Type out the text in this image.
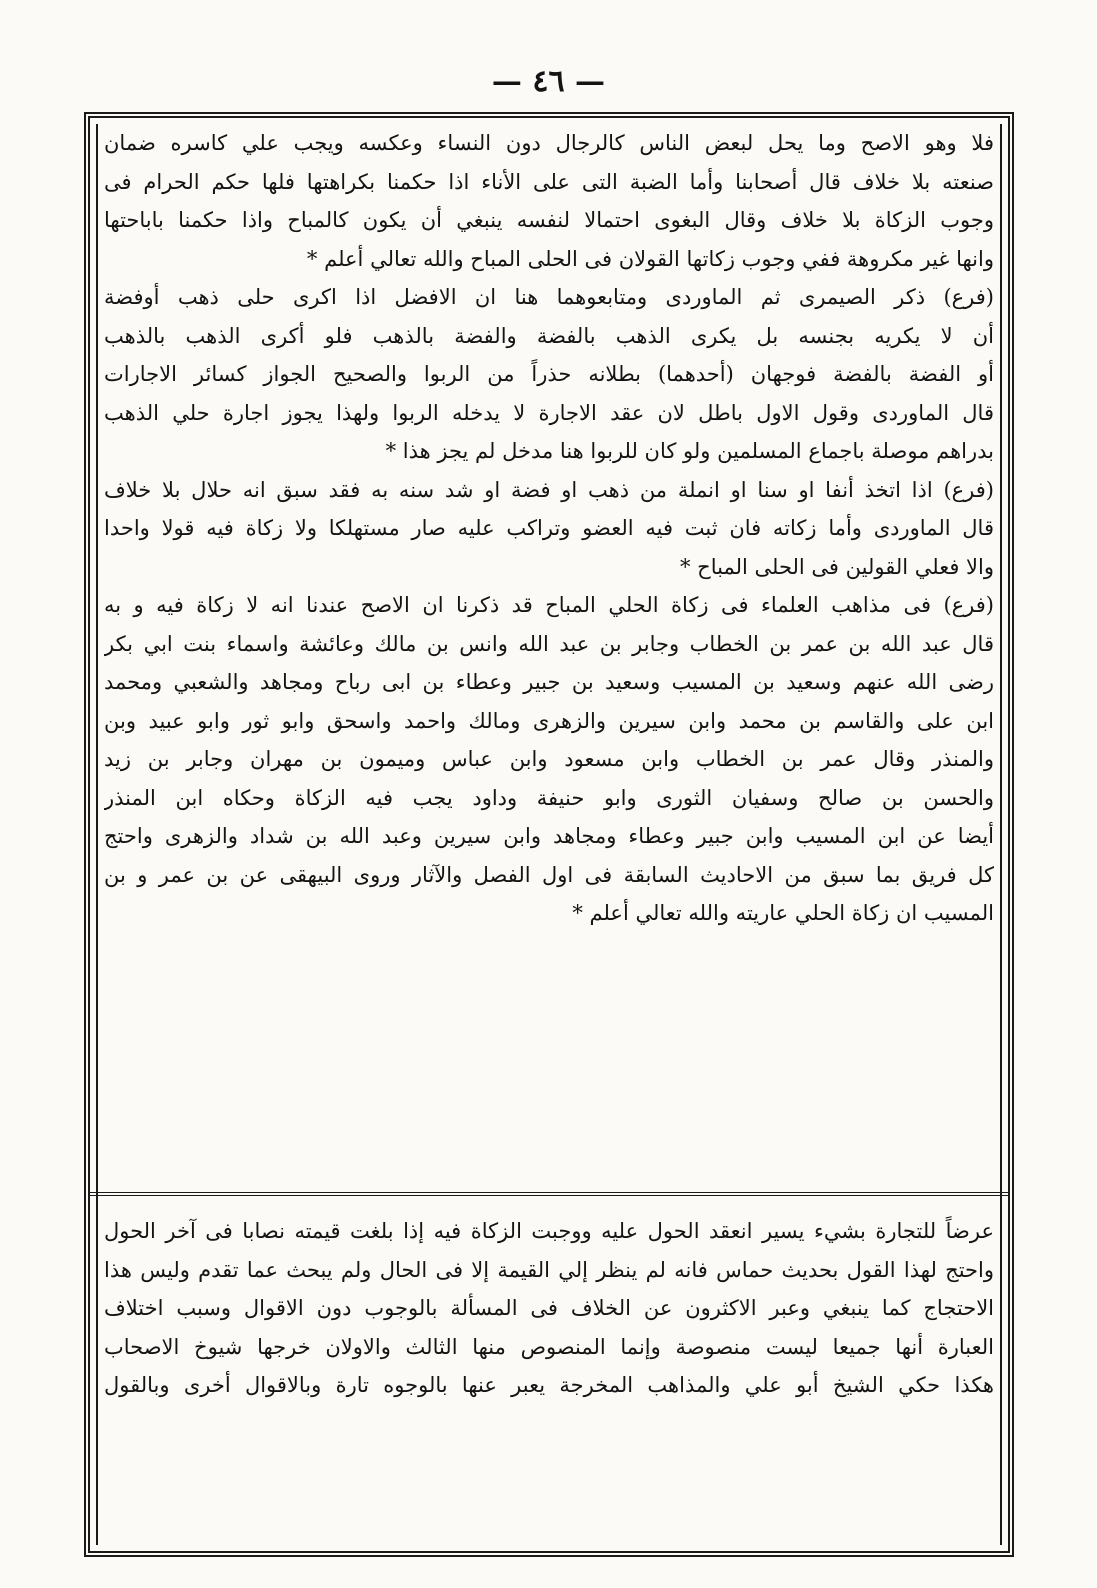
— ٤٦ —
فلا وهو الاصح وما يحل لبعض الناس كالرجال دون النساء وعكسه ويجب علي كاسره ضمان
صنعته بلا خلاف قال أصحابنا وأما الضبة التى على الأناء اذا حكمنا بكراهتها فلها حكم الحرام فى
وجوب الزكاة بلا خلاف وقال البغوى احتمالا لنفسه ينبغي أن يكون كالمباح واذا حكمنا باباحتها
وانها غير مكروهة ففي وجوب زكاتها القولان فى الحلى المباح والله تعالي أعلم *
(فرع) ذكر الصيمرى ثم الماوردى ومتابعوهما هنا ان الافضل اذا اكرى حلى ذهب أوفضة
أن لا يكريه بجنسه بل يكرى الذهب بالفضة والفضة بالذهب فلو أكرى الذهب بالذهب
أو الفضة بالفضة فوجهان (أحدهما) بطلانه حذراً من الربوا والصحيح الجواز كسائر الاجارات
قال الماوردى وقول الاول باطل لان عقد الاجارة لا يدخله الربوا ولهذا يجوز اجارة حلي الذهب
بدراهم موصلة باجماع المسلمين ولو كان للربوا هنا مدخل لم يجز هذا *
(فرع) اذا اتخذ أنفا او سنا او انملة من ذهب او فضة او شد سنه به فقد سبق انه حلال بلا خلاف
قال الماوردى وأما زكاته فان ثبت فيه العضو وتراكب عليه صار مستهلكا ولا زكاة فيه قولا واحدا
والا فعلي القولين فى الحلى المباح *
(فرع) فى مذاهب العلماء فى زكاة الحلي المباح قد ذكرنا ان الاصح عندنا انه لا زكاة فيه و به
قال عبد الله بن عمر بن الخطاب وجابر بن عبد الله وانس بن مالك وعائشة واسماء بنت ابي بكر
رضى الله عنهم وسعيد بن المسيب وسعيد بن جبير وعطاء بن ابى رباح ومجاهد والشعبي ومحمد
ابن على والقاسم بن محمد وابن سيرين والزهرى ومالك واحمد واسحق وابو ثور وابو عبيد وبن
والمنذر وقال عمر بن الخطاب وابن مسعود وابن عباس وميمون بن مهران وجابر بن زيد
والحسن بن صالح وسفيان الثورى وابو حنيفة وداود يجب فيه الزكاة وحكاه ابن المنذر
أيضا عن ابن المسيب وابن جبير وعطاء ومجاهد وابن سيرين وعبد الله بن شداد والزهرى واحتج
كل فريق بما سبق من الاحاديث السابقة فى اول الفصل والآثار وروى البيهقى عن بن عمر و بن
المسيب ان زكاة الحلي عاريته والله تعالي أعلم *
عرضاً للتجارة بشيء يسير انعقد الحول عليه ووجبت الزكاة فيه إذا بلغت قيمته نصابا فى آخر الحول
واحتج لهذا القول بحديث حماس فانه لم ينظر إلي القيمة إلا فى الحال ولم يبحث عما تقدم وليس هذا
الاحتجاج كما ينبغي وعبر الاكثرون عن الخلاف فى المسألة بالوجوب دون الاقوال وسبب اختلاف
العبارة أنها جميعا ليست منصوصة وإنما المنصوص منها الثالث والاولان خرجها شيوخ الاصحاب
هكذا حكي الشيخ أبو علي والمذاهب المخرجة يعبر عنها بالوجوه تارة وبالاقوال أخرى وبالقول
